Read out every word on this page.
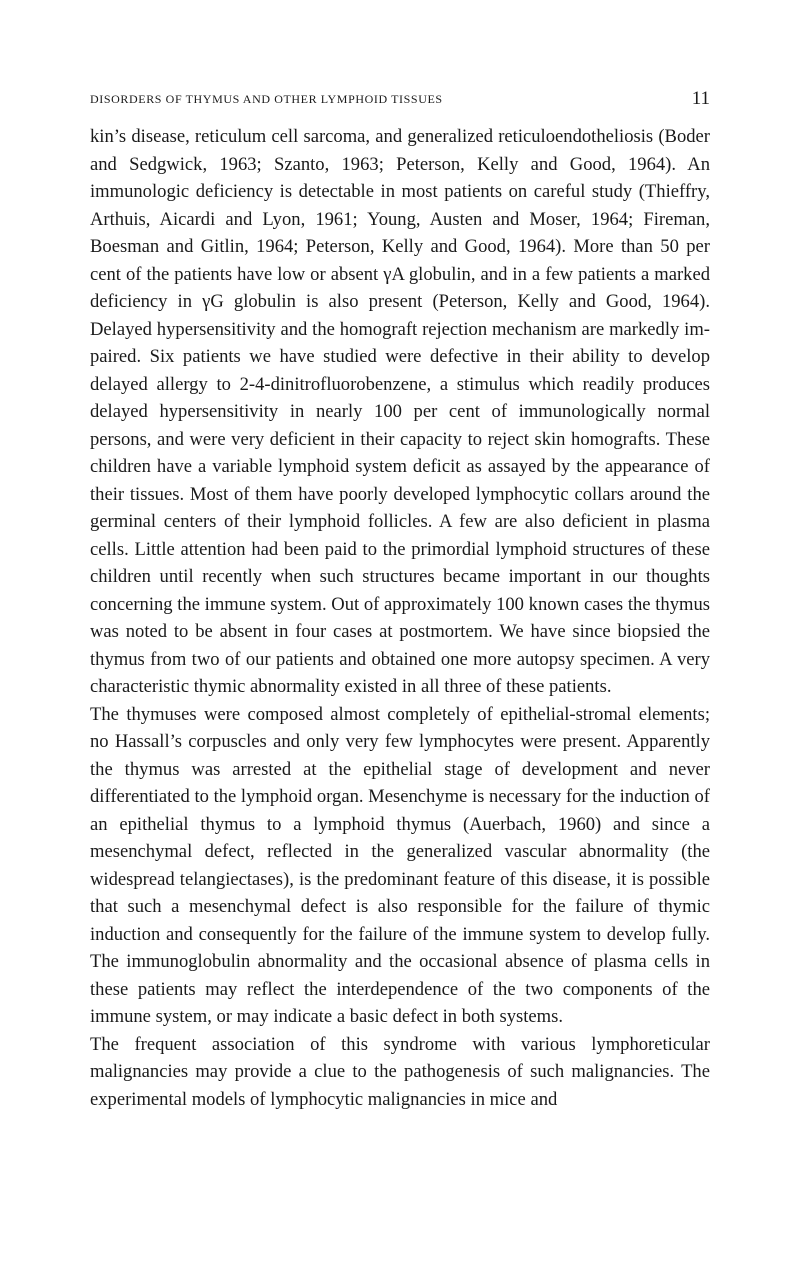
DISORDERS OF THYMUS AND OTHER LYMPHOID TISSUES	11

kin’s disease, reticulum cell sarcoma, and generalized reticuloendotheliosis (Boder and Sedgwick, 1963; Szanto, 1963; Peterson, Kelly and Good, 1964). An immunologic deficiency is detectable in most patients on careful study (Thieffry, Arthuis, Aicardi and Lyon, 1961; Young, Austen and Moser, 1964; Fireman, Boesman and Gitlin, 1964; Peterson, Kelly and Good, 1964). More than 50 per cent of the patients have low or absent γA globulin, and in a few patients a marked deficiency in γG globulin is also present (Peterson, Kelly and Good, 1964). Delayed hypersensitivity and the homograft rejection mechanism are markedly impaired. Six patients we have studied were defective in their ability to develop delayed allergy to 2-4-dinitrofluorobenzene, a stimulus which readily produces delayed hypersensitivity in nearly 100 per cent of immunologically normal persons, and were very deficient in their capacity to reject skin homografts. These children have a variable lymphoid system deficit as assayed by the appearance of their tissues. Most of them have poorly developed lymphocytic collars around the germinal centers of their lymphoid follicles. A few are also deficient in plasma cells. Little attention had been paid to the primordial lymphoid structures of these children until recently when such structures became important in our thoughts concerning the immune system. Out of approximately 100 known cases the thymus was noted to be absent in four cases at postmortem. We have since biopsied the thymus from two of our patients and obtained one more autopsy specimen. A very characteristic thymic abnormality existed in all three of these patients.

The thymuses were composed almost completely of epithelial-stromal elements; no Hassall’s corpuscles and only very few lymphocytes were present. Apparently the thymus was arrested at the epithelial stage of development and never differentiated to the lymphoid organ. Mesenchyme is necessary for the induction of an epithelial thymus to a lymphoid thymus (Auerbach, 1960) and since a mesenchymal defect, reflected in the generalized vascular abnormality (the widespread telangiectases), is the predominant feature of this disease, it is possible that such a mesenchymal defect is also responsible for the failure of thymic induction and consequently for the failure of the immune system to develop fully. The immunoglobulin abnormality and the occasional absence of plasma cells in these patients may reflect the interdependence of the two components of the immune system, or may indicate a basic defect in both systems.

The frequent association of this syndrome with various lymphoreticular malignancies may provide a clue to the pathogenesis of such malignancies. The experimental models of lymphocytic malignancies in mice and
